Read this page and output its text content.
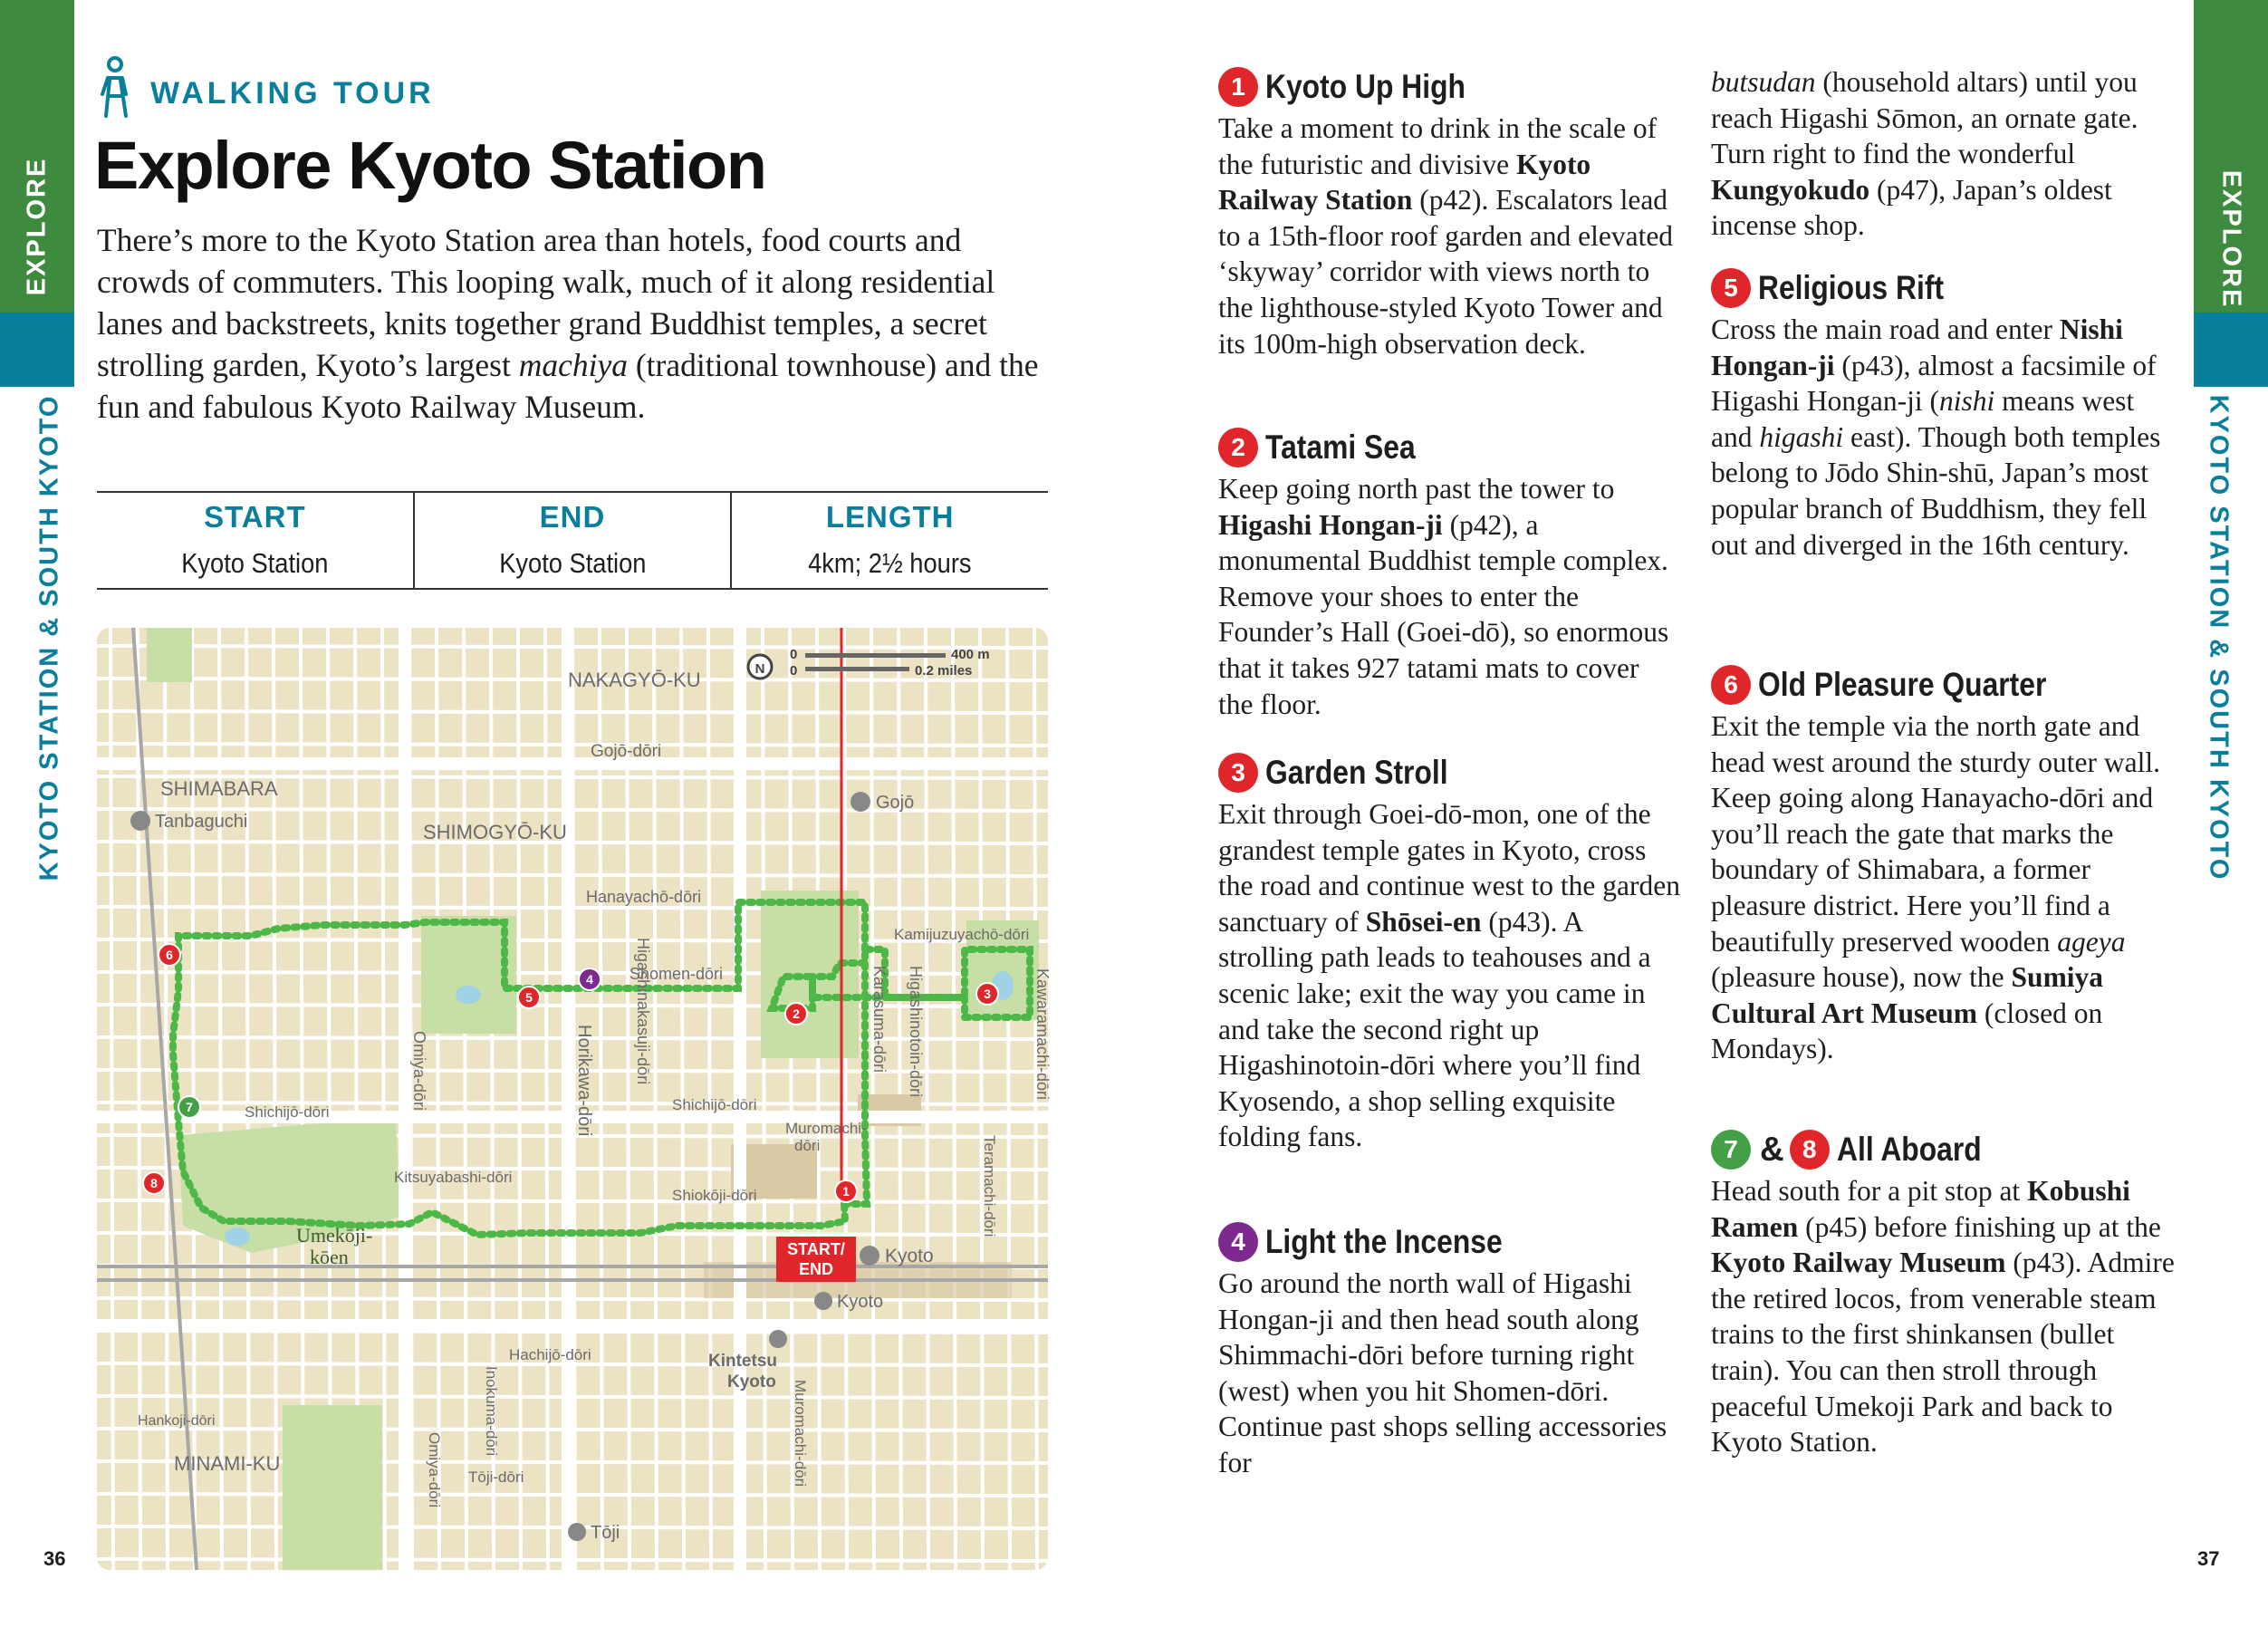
EXPLORE
KYOTO STATION & SOUTH KYOTO
EXPLORE
KYOTO STATION & SOUTH KYOTO
WALKING TOUR
Explore Kyoto Station
There’s more to the Kyoto Station area than hotels, food courts and crowds of commuters. This looping walk, much of it along residential lanes and backstreets, knits together grand Buddhist temples, a secret strolling garden, Kyoto’s largest machiya (traditional townhouse) and the fun and fabulous Kyoto Railway Museum.
START
Kyoto Station
END
Kyoto Station
LENGTH
4km; 2½ hours
NAKAGYŌ-KU
Gojō-dōri
SHIMABARA
Tanbaguchi	SHIMOGYŌ-KU
Gojō
Hanayachō-dōri
Kamijuzuyachō-dōri
Shomen-dōri	Karasuma-dōri Higashinotoin-dōri	Kawaramachi-dōri
Higashinakasuji-dōri
Horikawa-dōri
Omiya-dōri
Shichijō-dōri	Shichijō-dōri
Kitsuyabashi-dōri
Shiokōji-dōri
Muromachi-
dōri	Teramachi-dōri
Umekōji-
kōen	START/
END
Kyoto
Kyoto
Kintetsu
Kyoto
Hachijō-dōri
Inokuma-dōri
Omiya-dōri	Muromachi-dōri
Hankoji-dōri
MINAMI-KU
Tōji-dōri
Tōji
N
0
0
400 m
0.2 miles
1
2
3
4
5
6
7
8
36
1 Kyoto Up High
Take a moment to drink in the scale of the futuristic and divisive Kyoto Railway Station (p42). Escalators lead to a 15th-floor roof garden and elevated ‘skyway’ corridor with views north to the lighthouse-styled Kyoto Tower and its 100m-high observation deck.
2 Tatami Sea
Keep going north past the tower to Higashi Hongan-ji (p42), a monumental Buddhist temple complex. Remove your shoes to enter the Founder’s Hall (Goei-dō), so enormous that it takes 927 tatami mats to cover the floor.
3 Garden Stroll
Exit through Goei-dō-mon, one of the grandest temple gates in Kyoto, cross the road and continue west to the garden sanctuary of Shōsei-en (p43). A strolling path leads to teahouses and a scenic lake; exit the way you came in and take the second right up Higashinotoin-dōri where you’ll find Kyosendo, a shop selling exquisite folding fans.
4 Light the Incense
Go around the north wall of Higashi Hongan-ji and then head south along Shimmachi-dōri before turning right (west) when you hit Shomen-dōri. Continue past shops selling accessories for
butsudan (household altars) until you reach Higashi Sōmon, an ornate gate. Turn right to find the wonderful Kungyokudo (p47), Japan’s oldest incense shop.
5 Religious Rift
Cross the main road and enter Nishi Hongan-ji (p43), almost a facsimile of Higashi Hongan-ji (nishi means west and higashi east). Though both temples belong to Jōdo Shin-shū, Japan’s most popular branch of Buddhism, they fell out and diverged in the 16th century.
6 Old Pleasure Quarter
Exit the temple via the north gate and head west around the sturdy outer wall. Keep going along Hanayacho-dōri and you’ll reach the gate that marks the boundary of Shimabara, a former pleasure district. Here you’ll find a beautifully preserved wooden ageya (pleasure house), now the Sumiya Cultural Art Museum (closed on Mondays).
7 & 8 All Aboard
Head south for a pit stop at Kobushi Ramen (p45) before finishing up at the Kyoto Railway Museum (p43). Admire the retired locos, from venerable steam trains to the first shinkansen (bullet train). You can then stroll through peaceful Umekoji Park and back to Kyoto Station.
37
